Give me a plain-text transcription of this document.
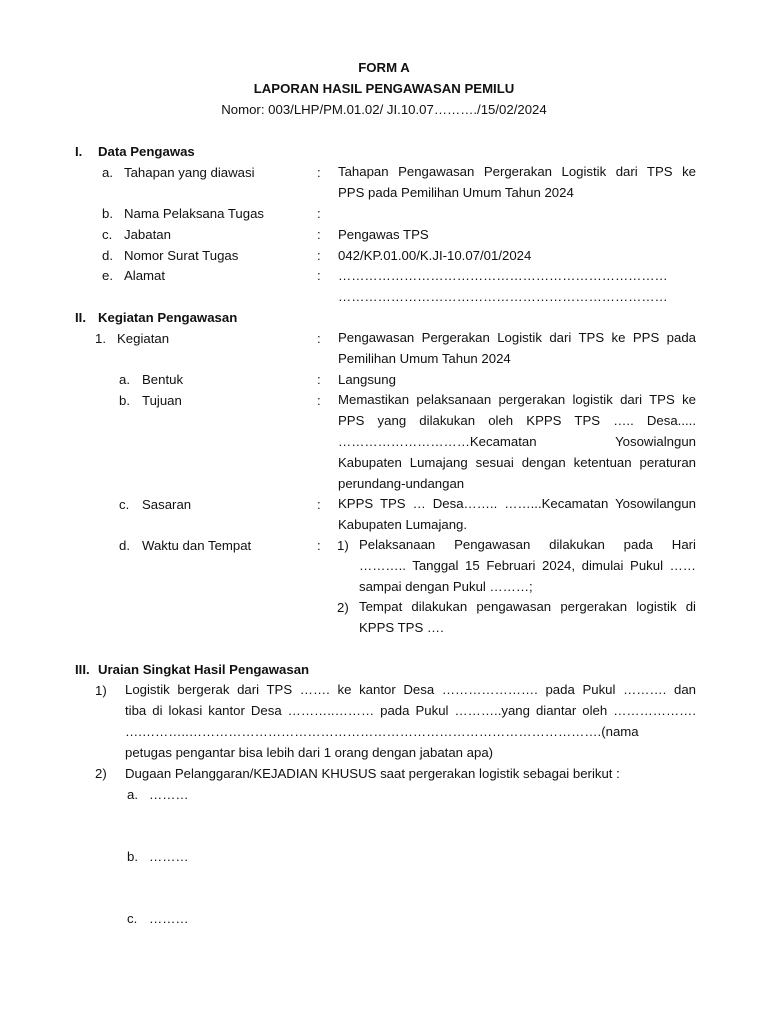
FORM A
LAPORAN HASIL PENGAWASAN PEMILU
Nomor: 003/LHP/PM.01.02/ JI.10.07………./15/02/2024
I. Data Pengawas
a. Tahapan yang diawasi	: Tahapan Pengawasan Pergerakan Logistik dari TPS ke
PPS pada Pemilihan Umum Tahun 2024
b. Nama Pelaksana Tugas	:
c. Jabatan	: Pengawas TPS
d. Nomor Surat Tugas	: 042/KP.01.00/K.JI-10.07/01/2024
e. Alamat	: …………………………………………………………………
…………………………………………………………………
II. Kegiatan Pengawasan
1. Kegiatan	: Pengawasan Pergerakan Logistik dari TPS ke PPS pada
Pemilihan Umum Tahun 2024
a. Bentuk	: Langsung
b. Tujuan	: Memastikan pelaksanaan pergerakan logistik dari TPS ke
PPS yang dilakukan oleh KPPS TPS ….. Desa.....
…………………………Kecamatan Yosowialngun
Kabupaten Lumajang sesuai dengan ketentuan peraturan
perundang-undangan
c. Sasaran	: KPPS TPS … Desa…….. ……...Kecamatan Yosowilangun
Kabupaten Lumajang.
d. Waktu dan Tempat	: 1) Pelaksanaan Pengawasan dilakukan pada Hari
……….. Tanggal 15 Februari 2024, dimulai Pukul ……
sampai dengan Pukul ………;
2) Tempat dilakukan pengawasan pergerakan logistik di
KPPS TPS ….
III. Uraian Singkat Hasil Pengawasan
1) Logistik bergerak dari TPS ……. ke kantor Desa …………………. pada Pukul ………. dan
tiba di lokasi kantor Desa ………..……… pada Pukul ………..yang diantar oleh ……………….
….………..………………………………………………………………………………….(nama
petugas pengantar bisa lebih dari 1 orang dengan jabatan apa)
2) Dugaan Pelanggaran/KEJADIAN KHUSUS saat pergerakan logistik sebagai berikut :
a. ………
b. ………
c. ………
